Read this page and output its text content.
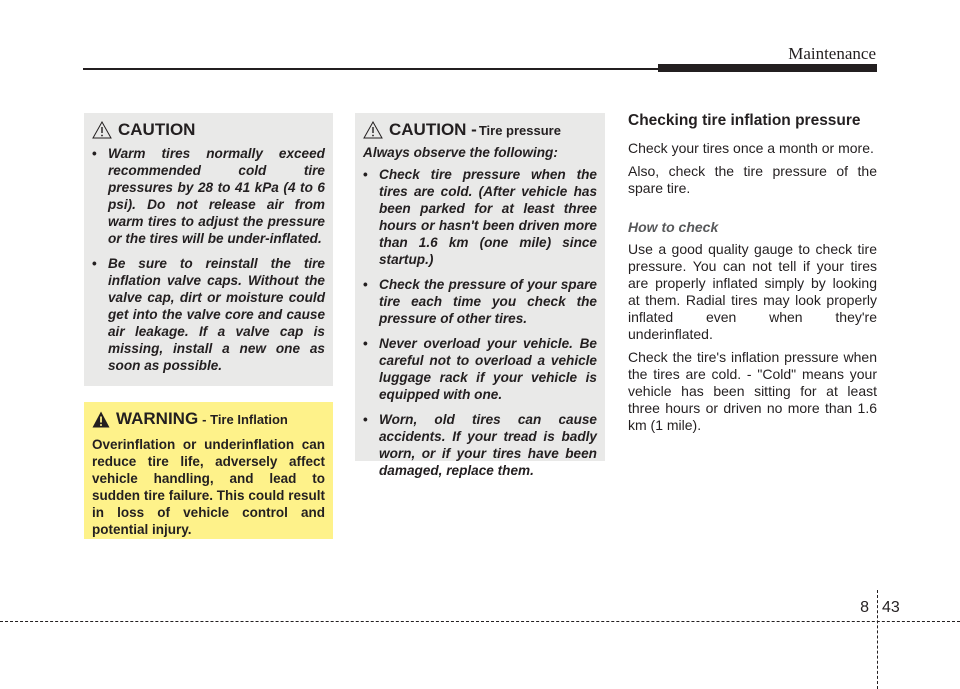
Maintenance
CAUTION
• Warm tires normally exceed recommended cold tire pressures by 28 to 41 kPa (4 to 6 psi). Do not release air from warm tires to adjust the pressure or the tires will be under-inflated.
• Be sure to reinstall the tire inflation valve caps. Without the valve cap, dirt or moisture could get into the valve core and cause air leakage. If a valve cap is missing, install a new one as soon as possible.
CAUTION - Tire pressure

Always observe the following:

• Check tire pressure when the tires are cold. (After vehicle has been parked for at least three hours or hasn't been driven more than 1.6 km (one mile) since startup.)
• Check the pressure of your spare tire each time you check the pressure of other tires.
• Never overload your vehicle. Be careful not to overload a vehicle luggage rack if your vehicle is equipped with one.
• Worn, old tires can cause accidents. If your tread is badly worn, or if your tires have been damaged, replace them.
WARNING - Tire Inflation
Overinflation or underinflation can reduce tire life, adversely affect vehicle handling, and lead to sudden tire failure. This could result in loss of vehicle control and potential injury.
Checking tire inflation pressure

Check your tires once a month or more.

Also, check the tire pressure of the spare tire.

How to check

Use a good quality gauge to check tire pressure. You can not tell if your tires are properly inflated simply by looking at them. Radial tires may look properly inflated even when they're underinflated.

Check the tire's inflation pressure when the tires are cold. - "Cold" means your vehicle has been sitting for at least three hours or driven no more than 1.6 km (1 mile).

8 43
